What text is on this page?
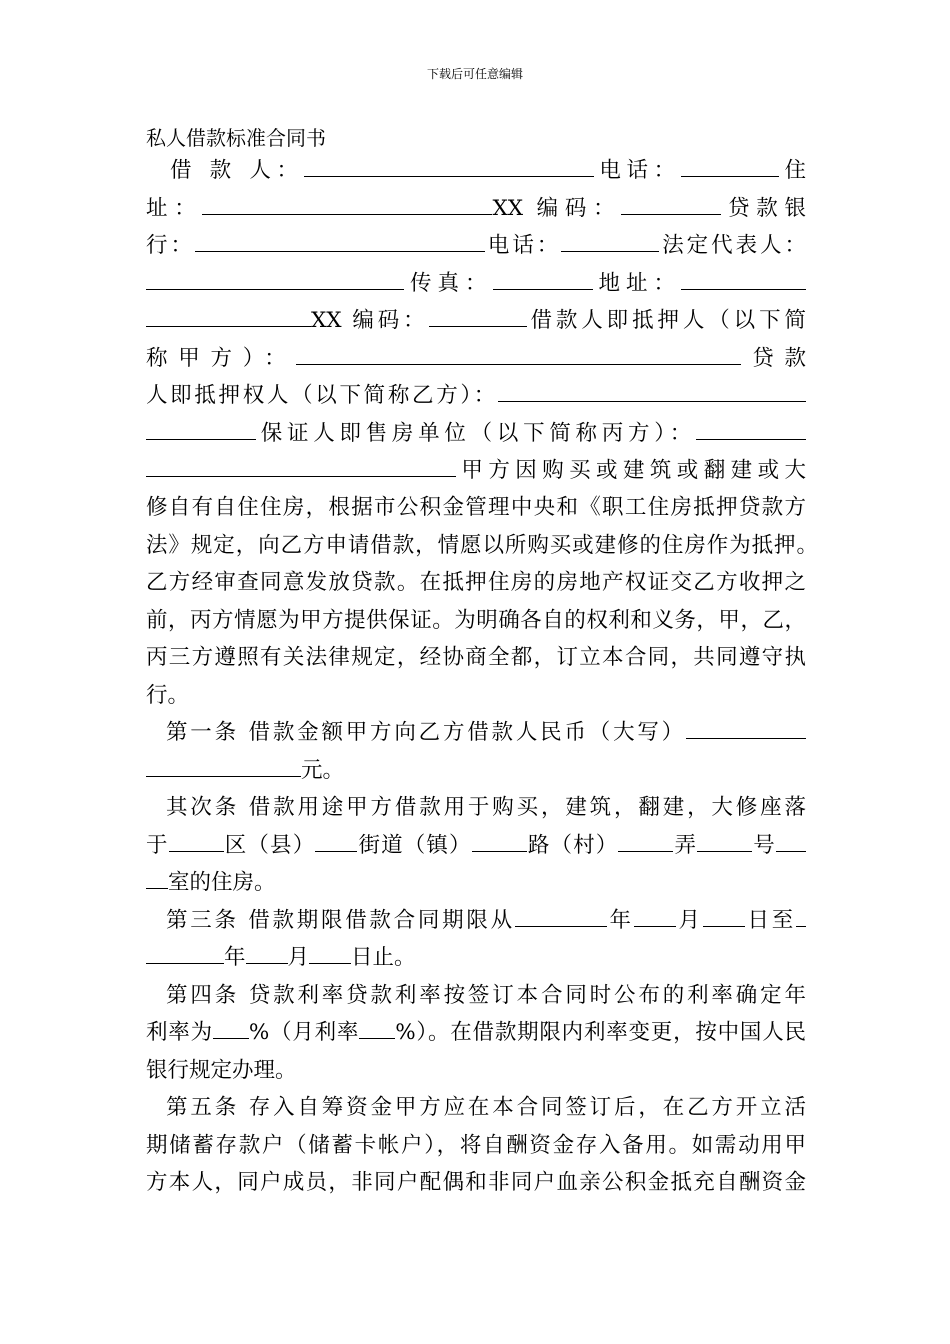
下载后可任意编辑
私人借款标准合同书
借 款 人：	电话：	住
址：	XX 编码：	贷款银
行：	电话：	法定代表人：
传真：	地址：
XX 编码：	借款人即抵押人（以下简
称甲方）：	贷款
人即抵押权人（以下简称乙方）：
保证人即售房单位（以下简称丙方）：
甲方因购买或建筑或翻建或大
修自有自住住房，根据市公积金管理中央和《职工住房抵押贷款方
法》规定，向乙方申请借款，情愿以所购买或建修的住房作为抵押。
乙方经审查同意发放贷款。在抵押住房的房地产权证交乙方收押之
前，丙方情愿为甲方提供保证。为明确各自的权利和义务，甲，乙，
丙三方遵照有关法律规定，经协商全都，订立本合同，共同遵守执
行。
第一条 借款金额甲方向乙方借款人民币（大写）
元。
其次条 借款用途甲方借款用于购买，建筑，翻建，大修座落
于	区（县） 街道（镇）	路（村）	弄	号
室的住房。
第三条 借款期限借款合同期限从	年 月 日至
年 月 日止。
第四条 贷款利率贷款利率按签订本合同时公布的利率确定年
利率为 %（月利率 %）。在借款期限内利率变更，按中国人民
银行规定办理。
第五条 存入自筹资金甲方应在本合同签订后，在乙方开立活
期储蓄存款户（储蓄卡帐户），将自酬资金存入备用。如需动用甲
方本人，同户成员，非同户配偶和非同户血亲公积金抵充自酬资金
